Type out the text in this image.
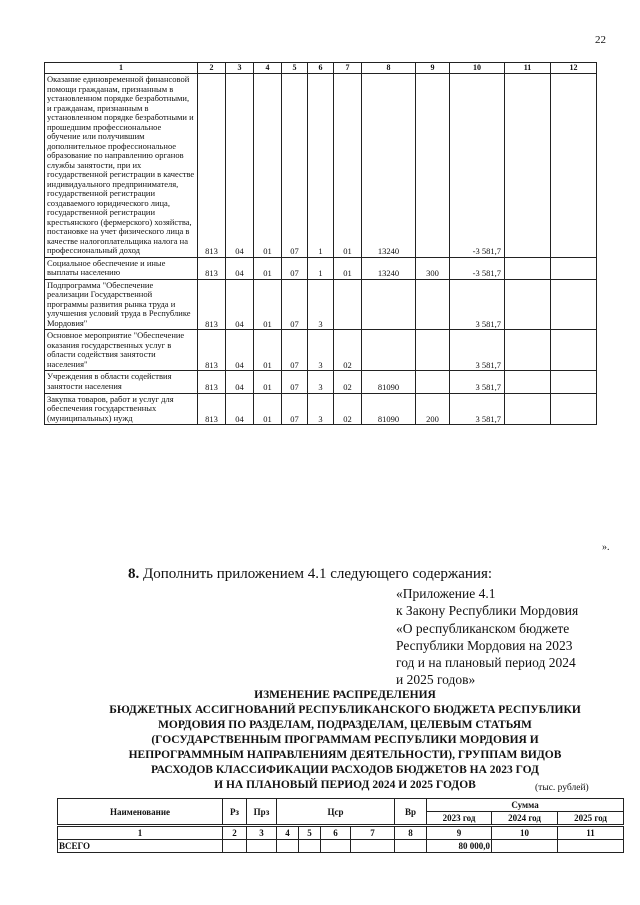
22
1	2	3	4	5	6	7	8	9	10	11	12
Оказание единовременной финансовой помощи гражданам, признанным в установленном порядке безработными, и гражданам, признанным в установленном порядке безработными и прошедшим профессиональное обучение или получившим дополнительное профессиональное образование по направлению органов службы занятости, при их государственной регистрации в качестве индивидуального предпринимателя, государственной регистрации создаваемого юридического лица, государственной регистрации крестьянского (фермерского) хозяйства, постановке на учет физического лица в качестве налогоплательщика налога на профессиональный доход	813	04	01	07	1	01	13240		-3 581,7		
Социальное обеспечение и иные выплаты населению	813	04	01	07	1	01	13240	300	-3 581,7		
Подпрограмма "Обеспечение реализации Государственной программы развития рынка труда и улучшения условий труда в Республике Мордовия"	813	04	01	07	3				3 581,7		
Основное мероприятие "Обеспечение оказания государственных услуг в области содействия занятости населения"	813	04	01	07	3	02			3 581,7		
Учреждения в области содействия занятости населения	813	04	01	07	3	02	81090		3 581,7		
Закупка товаров, работ и услуг для обеспечения государственных (муниципальных) нужд	813	04	01	07	3	02	81090	200	3 581,7		
».
8. Дополнить приложением 4.1 следующего содержания:
«Приложение 4.1
к Закону Республики Мордовия
«О республиканском бюджете
Республики Мордовия на 2023
год и на плановый период 2024
и 2025 годов»
ИЗМЕНЕНИЕ РАСПРЕДЕЛЕНИЯ
БЮДЖЕТНЫХ АССИГНОВАНИЙ РЕСПУБЛИКАНСКОГО БЮДЖЕТА РЕСПУБЛИКИ
МОРДОВИЯ ПО РАЗДЕЛАМ, ПОДРАЗДЕЛАМ, ЦЕЛЕВЫМ СТАТЬЯМ
(ГОСУДАРСТВЕННЫМ ПРОГРАММАМ РЕСПУБЛИКИ МОРДОВИЯ И
НЕПРОГРАММНЫМ НАПРАВЛЕНИЯМ ДЕЯТЕЛЬНОСТИ), ГРУППАМ ВИДОВ
РАСХОДОВ КЛАССИФИКАЦИИ РАСХОДОВ БЮДЖЕТОВ НА 2023 ГОД
И НА ПЛАНОВЫЙ ПЕРИОД 2024 И 2025 ГОДОВ	(тыс. рублей)
Наименование	Рз	Прз	Цср				Вр	Сумма		
								2023 год	2024 год	2025 год
1	2	3	4	5	6	7	8	9	10	11
ВСЕГО								80 000,0		
